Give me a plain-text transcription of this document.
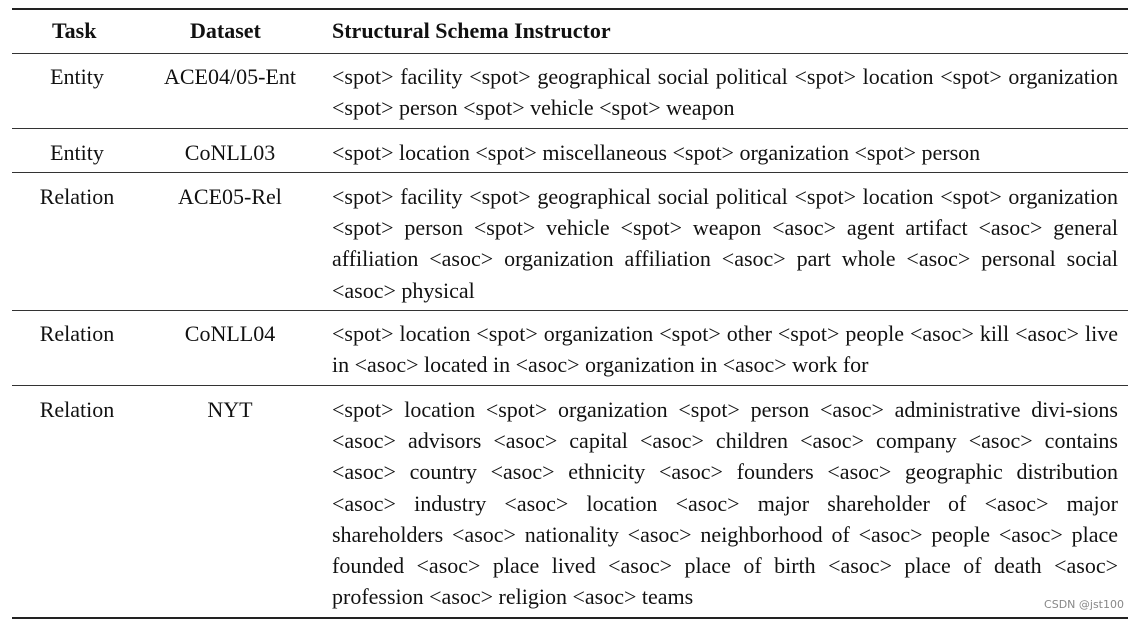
Task	Dataset	Structural Schema Instructor
Entity	ACE04/05-Ent	<spot> facility <spot> geographical social political <spot> location <spot> organization <spot> person <spot> vehicle <spot> weapon
Entity	CoNLL03	<spot> location <spot> miscellaneous <spot> organization <spot> person
Relation	ACE05-Rel	<spot> facility <spot> geographical social political <spot> location <spot> organization <spot> person <spot> vehicle <spot> weapon <asoc> agent artifact <asoc> general affiliation <asoc> organization affiliation <asoc> part whole <asoc> personal social <asoc> physical
Relation	CoNLL04	<spot> location <spot> organization <spot> other <spot> people <asoc> kill <asoc> live in <asoc> located in <asoc> organization in <asoc> work for
Relation	NYT	<spot> location <spot> organization <spot> person <asoc> administrative divi-sions <asoc> advisors <asoc> capital <asoc> children <asoc> company <asoc> contains <asoc> country <asoc> ethnicity <asoc> founders <asoc> geographic distribution <asoc> industry <asoc> location <asoc> major shareholder of <asoc> major shareholders <asoc> nationality <asoc> neighborhood of <asoc> people <asoc> place founded <asoc> place lived <asoc> place of birth <asoc> place of death <asoc> profession <asoc> religion <asoc> teams	CSDN @jst100
